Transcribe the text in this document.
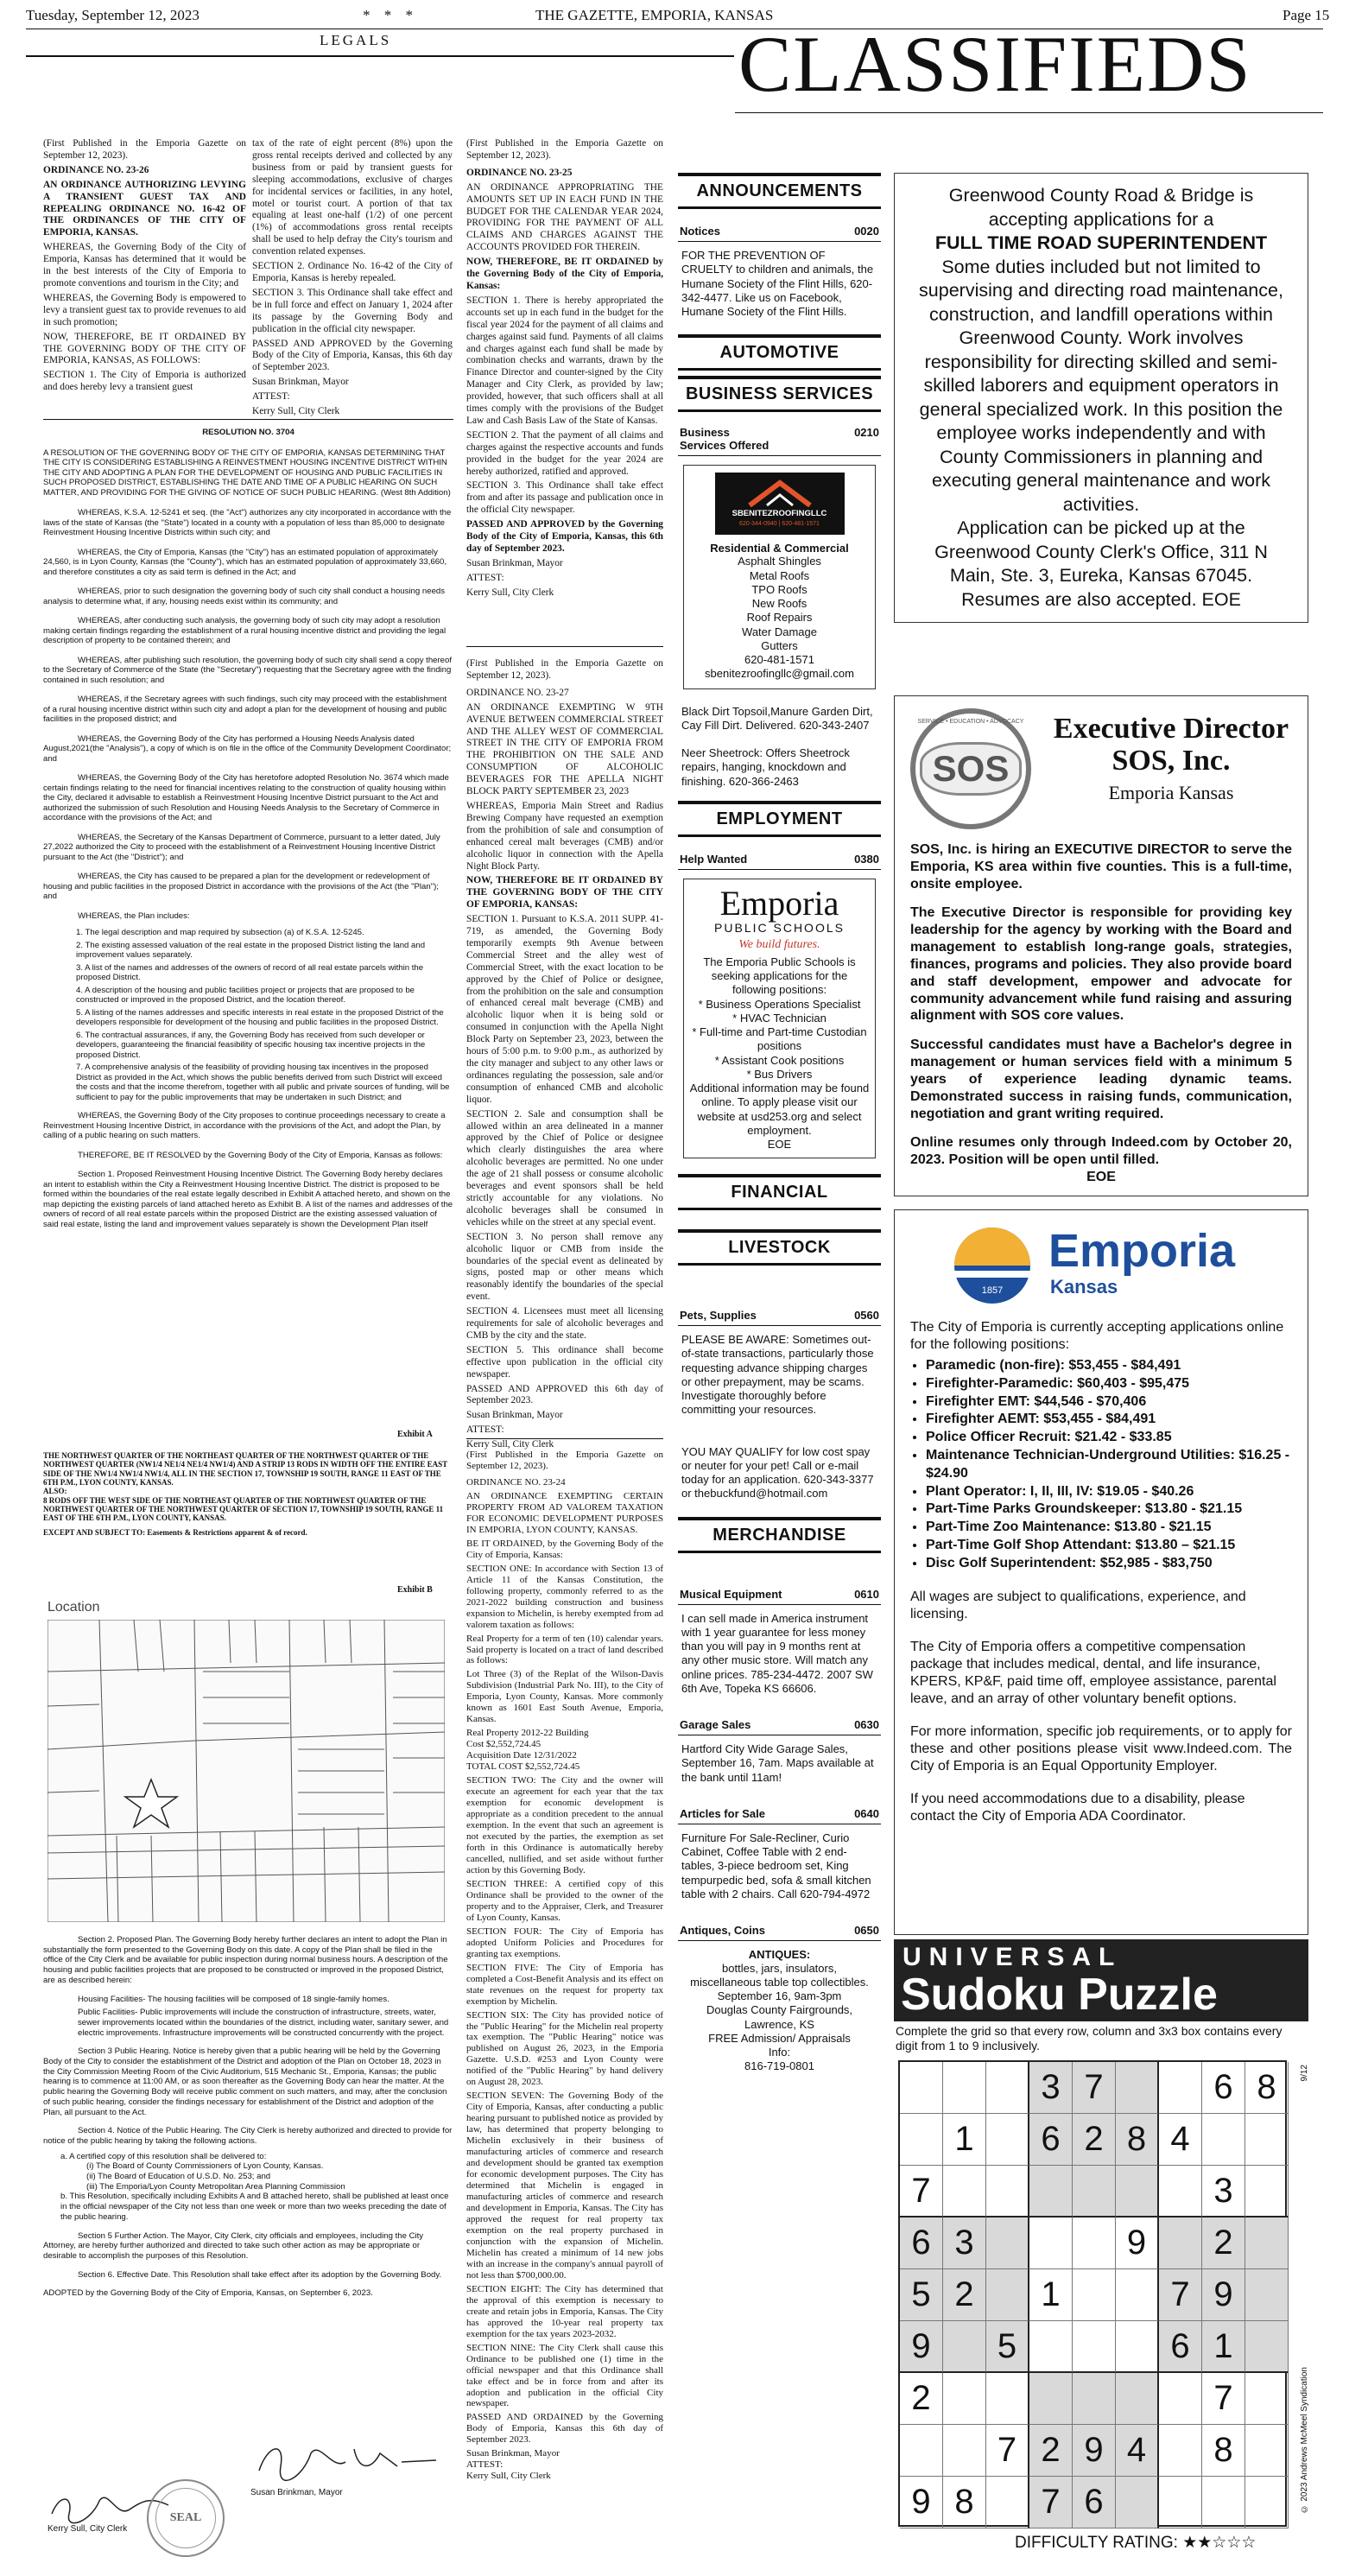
Tuesday, September 12, 2023	* * *	THE GAZETTE, EMPORIA, KANSAS	Page 15
LEGALS	CLASSIFIEDS

(First Published in the Emporia Gazette on September 12, 2023).

ORDINANCE NO. 23-26

AN ORDINANCE AUTHORIZING LEVYING A TRANSIENT GUEST TAX AND REPEALING ORDINANCE NO. 16-42 OF THE ORDINANCES OF THE CITY OF EMPORIA, KANSAS.

WHEREAS, the Governing Body of the City of Emporia, Kansas has determined that it would be in the best interests of the City of Emporia to promote conventions and tourism in the City; and

WHEREAS, the Governing Body is empowered to levy a transient guest tax to provide revenues to aid in such promotion;

NOW, THEREFORE, BE IT ORDAINED BY THE GOVERNING BODY OF THE CITY OF EMPORIA, KANSAS, AS FOLLOWS:

SECTION 1. The City of Emporia is authorized and does hereby levy a transient guest

tax of the rate of eight percent (8%) upon the gross rental receipts derived and collected by any business from or paid by transient guests for sleeping accommodations, exclusive of charges for incidental services or facilities, in any hotel, motel or tourist court. A portion of that tax equaling at least one-half (1/2) of one percent (1%) of accommodations gross rental receipts shall be used to help defray the City's tourism and convention related expenses.

SECTION 2. Ordinance No. 16-42 of the City of Emporia, Kansas is hereby repealed.

SECTION 3. This Ordinance shall take effect and be in full force and effect on January 1, 2024 after its passage by the Governing Body and publication in the official city newspaper.

PASSED AND APPROVED by the Governing Body of the City of Emporia, Kansas, this 6th day of September 2023.

Susan Brinkman, Mayor

ATTEST:

Kerry Sull, City Clerk

RESOLUTION NO. 3704
A RESOLUTION OF THE GOVERNING BODY OF THE CITY OF EMPORIA, KANSAS DETERMINING THAT THE CITY IS CONSIDERING ESTABLISHING A REINVESTMENT HOUSING INCENTIVE DISTRICT WITHIN THE CITY AND ADOPTING A PLAN FOR THE DEVELOPMENT OF HOUSING AND PUBLIC FACILITIES IN SUCH PROPOSED DISTRICT, ESTABLISHING THE DATE AND TIME OF A PUBLIC HEARING ON SUCH MATTER, AND PROVIDING FOR THE GIVING OF NOTICE OF SUCH PUBLIC HEARING. (West 8th Addition)
WHEREAS, K.S.A. 12-5241 et seq. (the "Act") authorizes any city incorporated in accordance with the laws of the state of Kansas (the "State") located in a county with a population of less than 85,000 to designate Reinvestment Housing Incentive Districts within such city; and
WHEREAS, the City of Emporia, Kansas (the "City") has an estimated population of approximately 24,560, is in Lyon County, Kansas (the "County"), which has an estimated population of approximately 33,660, and therefore constitutes a city as said term is defined in the Act; and
WHEREAS, prior to such designation the governing body of such city shall conduct a housing needs analysis to determine what, if any, housing needs exist within its community; and
WHEREAS, after conducting such analysis, the governing body of such city may adopt a resolution making certain findings regarding the establishment of a rural housing incentive district and providing the legal description of property to be contained therein; and
WHEREAS, after publishing such resolution, the governing body of such city shall send a copy thereof to the Secretary of Commerce of the State (the "Secretary") requesting that the Secretary agree with the finding contained in such resolution; and
WHEREAS, if the Secretary agrees with such findings, such city may proceed with the establishment of a rural housing incentive district within such city and adopt a plan for the development of housing and public facilities in the proposed district; and
WHEREAS, the Governing Body of the City has performed a Housing Needs Analysis dated August,2021(the "Analysis"), a copy of which is on file in the office of the Community Development Coordinator; and
WHEREAS, the Governing Body of the City has heretofore adopted Resolution No. 3674 which made certain findings relating to the need for financial incentives relating to the construction of quality housing within the City, declared it advisable to establish a Reinvestment Housing Incentive District pursuant to the Act and authorized the submission of such Resolution and Housing Needs Analysis to the Secretary of Commerce in accordance with the provisions of the Act; and
WHEREAS, the Secretary of the Kansas Department of Commerce, pursuant to a letter dated, July 27,2022 authorized the City to proceed with the establishment of a Reinvestment Housing Incentive District pursuant to the Act (the "District"); and
WHEREAS, the City has caused to be prepared a plan for the development or redevelopment of housing and public facilities in the proposed District in accordance with the provisions of the Act (the "Plan"); and
WHEREAS, the Plan includes:
1. The legal description and map required by subsection (a) of K.S.A. 12-5245.
2. The existing assessed valuation of the real estate in the proposed District listing the land and improvement values separately.
3. A list of the names and addresses of the owners of record of all real estate parcels within the proposed District.
4. A description of the housing and public facilities project or projects that are proposed to be constructed or improved in the proposed District, and the location thereof.
5. A listing of the names addresses and specific interests in real estate in the proposed District of the developers responsible for development of the housing and public facilities in the proposed District.
6. The contractual assurances, if any, the Governing Body has received from such developer or developers, guaranteeing the financial feasibility of specific housing tax incentive projects in the proposed District.
7. A comprehensive analysis of the feasibility of providing housing tax incentives in the proposed District as provided in the Act, which shows the public benefits derived from such District will exceed the costs and that the income therefrom, together with all public and private sources of funding, will be sufficient to pay for the public improvements that may be undertaken in such District; and
WHEREAS, the Governing Body of the City proposes to continue proceedings necessary to create a Reinvestment Housing Incentive District, in accordance with the provisions of the Act, and adopt the Plan, by calling of a public hearing on such matters.
THEREFORE, BE IT RESOLVED by the Governing Body of the City of Emporia, Kansas as follows:
Section 1. Proposed Reinvestment Housing Incentive District. The Governing Body hereby declares an intent to establish within the City a Reinvestment Housing Incentive District. The district is proposed to be formed within the boundaries of the real estate legally described in Exhibit A attached hereto, and shown on the map depicting the existing parcels of land attached hereto as Exhibit B. A list of the names and addresses of the owners of record of all real estate parcels within the proposed District are the existing assessed valuation of said real estate, listing the land and improvement values separately is shown the Development Plan itself
Exhibit A
THE NORTHWEST QUARTER OF THE NORTHEAST QUARTER OF THE NORTHWEST QUARTER OF THE NORTHWEST QUARTER (NW1/4 NE1/4 NE1/4 NW1/4) AND A STRIP 13 RODS IN WIDTH OFF THE ENTIRE EAST SIDE OF THE NW1/4 NW1/4 NW1/4, ALL IN THE SECTION 17, TOWNSHIP 19 SOUTH, RANGE 11 EAST OF THE 6TH P.M., LYON COUNTY, KANSAS.
ALSO:
8 RODS OFF THE WEST SIDE OF THE NORTHEAST QUARTER OF THE NORTHWEST QUARTER OF THE NORTHWEST QUARTER OF THE NORTHWEST QUARTER OF SECTION 17, TOWNSHIP 19 SOUTH, RANGE 11 EAST OF THE 6TH P.M., LYON COUNTY, KANSAS.
EXCEPT AND SUBJECT TO: Easements & Restrictions apparent & of record.
Exhibit B
Location
Section 2. Proposed Plan. The Governing Body hereby further declares an intent to adopt the Plan in substantially the form presented to the Governing Body on this date. A copy of the Plan shall be filed in the office of the City Clerk and be available for public inspection during normal business hours. A description of the housing and public facilities projects that are proposed to be constructed or improved in the proposed District, are as described herein:
Housing Facilities- The housing facilities will be composed of 18 single-family homes.
Public Facilities- Public improvements will include the construction of infrastructure, streets, water, sewer improvements located within the boundaries of the district, including water, sanitary sewer, and electric improvements. Infrastructure improvements will be constructed concurrently with the project.
Section 3 Public Hearing. Notice is hereby given that a public hearing will be held by the Governing Body of the City to consider the establishment of the District and adoption of the Plan on October 18, 2023 in the City Commission Meeting Room of the Civic Auditorium, 515 Mechanic St., Emporia, Kansas; the public hearing is to commence at 11:00 AM, or as soon thereafter as the Governing Body can hear the matter. At the public hearing the Governing Body will receive public comment on such matters, and may, after the conclusion of such public hearing, consider the findings necessary for establishment of the District and adoption of the Plan, all pursuant to the Act.
Section 4. Notice of the Public Hearing. The City Clerk is hereby authorized and directed to provide for notice of the public hearing by taking the following actions.
a. A certified copy of this resolution shall be delivered to:
(i) The Board of County Commissioners of Lyon County, Kansas.
(ii) The Board of Education of U.S.D. No. 253; and
(iii) The Emporia/Lyon County Metropolitan Area Planning Commission
b. This Resolution, specifically including Exhibits A and B attached hereto, shall be published at least once in the official newspaper of the City not less than one week or more than two weeks preceding the date of the public hearing.
Section 5 Further Action. The Mayor, City Clerk, city officials and employees, including the City Attorney, are hereby further authorized and directed to take such other action as may be appropriate or desirable to accomplish the purposes of this Resolution.
Section 6. Effective Date. This Resolution shall take effect after its adoption by the Governing Body.
ADOPTED by the Governing Body of the City of Emporia, Kansas, on September 6, 2023.
Susan Brinkman, Mayor
Kerry Sull, City Clerk
SEAL

(First Published in the Emporia Gazette on September 12, 2023).

ORDINANCE NO. 23-25

AN ORDINANCE APPROPRIATING THE AMOUNTS SET UP IN EACH FUND IN THE BUDGET FOR THE CALENDAR YEAR 2024, PROVIDING FOR THE PAYMENT OF ALL CLAIMS AND CHARGES AGAINST THE ACCOUNTS PROVIDED FOR THEREIN.

NOW, THEREFORE, BE IT ORDAINED by the Governing Body of the City of Emporia, Kansas:

SECTION 1. There is hereby appropriated the accounts set up in each fund in the budget for the fiscal year 2024 for the payment of all claims and charges against said fund. Payments of all claims and charges against each fund shall be made by combination checks and warrants, drawn by the Finance Director and counter-signed by the City Manager and City Clerk, as provided by law; provided, however, that such officers shall at all times comply with the provisions of the Budget Law and Cash Basis Law of the State of Kansas.

SECTION 2. That the payment of all claims and charges against the respective accounts and funds provided in the budget for the year 2024 are hereby authorized, ratified and approved.

SECTION 3. This Ordinance shall take effect from and after its passage and publication once in the official City newspaper.

PASSED AND APPROVED by the Governing Body of the City of Emporia, Kansas, this 6th day of September 2023.

Susan Brinkman, Mayor

ATTEST:

Kerry Sull, City Clerk

(First Published in the Emporia Gazette on September 12, 2023).

ORDINANCE NO. 23-27

AN ORDINANCE EXEMPTING W 9TH AVENUE BETWEEN COMMERCIAL STREET AND THE ALLEY WEST OF COMMERCIAL STREET IN THE CITY OF EMPORIA FROM THE PROHIBITION ON THE SALE AND CONSUMPTION OF ALCOHOLIC BEVERAGES FOR THE APELLA NIGHT BLOCK PARTY SEPTEMBER 23, 2023

WHEREAS, Emporia Main Street and Radius Brewing Company have requested an exemption from the prohibition of sale and consumption of enhanced cereal malt beverages (CMB) and/or alcoholic liquor in connection with the Apella Night Block Party.

NOW, THEREFORE BE IT ORDAINED BY THE GOVERNING BODY OF THE CITY OF EMPORIA, KANSAS:

SECTION 1. Pursuant to K.S.A. 2011 SUPP. 41-719, as amended, the Governing Body temporarily exempts 9th Avenue between Commercial Street and the alley west of Commercial Street, with the exact location to be approved by the Chief of Police or designee, from the prohibition on the sale and consumption of enhanced cereal malt beverage (CMB) and alcoholic liquor when it is being sold or consumed in conjunction with the Apella Night Block Party on September 23, 2023, between the hours of 5:00 p.m. to 9:00 p.m., as authorized by the city manager and subject to any other laws or ordinances regulating the possession, sale and/or consumption of enhanced CMB and alcoholic liquor.

SECTION 2. Sale and consumption shall be allowed within an area delineated in a manner approved by the Chief of Police or designee which clearly distinguishes the area where alcoholic beverages are permitted. No one under the age of 21 shall possess or consume alcoholic beverages and event sponsors shall be held strictly accountable for any violations. No alcoholic beverages shall be consumed in vehicles while on the street at any special event.

SECTION 3. No person shall remove any alcoholic liquor or CMB from inside the boundaries of the special event as delineated by signs, posted map or other means which reasonably identify the boundaries of the special event.

SECTION 4. Licensees must meet all licensing requirements for sale of alcoholic beverages and CMB by the city and the state.

SECTION 5. This ordinance shall become effective upon publication in the official city newspaper.

PASSED AND APPROVED this 6th day of September 2023.

Susan Brinkman, Mayor

ATTEST:

Kerry Sull, City Clerk

(First Published in the Emporia Gazette on September 12, 2023).

ORDINANCE NO. 23-24

AN ORDINANCE EXEMPTING CERTAIN PROPERTY FROM AD VALOREM TAXATION FOR ECONOMIC DEVELOPMENT PURPOSES IN EMPORIA, LYON COUNTY, KANSAS.

BE IT ORDAINED, by the Governing Body of the City of Emporia, Kansas:

SECTION ONE: In accordance with Section 13 of Article 11 of the Kansas Constitution, the following property, commonly referred to as the 2021-2022 building construction and business expansion to Michelin, is hereby exempted from ad valorem taxation as follows:

Real Property for a term of ten (10) calendar years. Said property is located on a tract of land described as follows:

Lot Three (3) of the Replat of the Wilson-Davis Subdivision (Industrial Park No. III), to the City of Emporia, Lyon County, Kansas. More commonly known as 1601 East South Avenue, Emporia, Kansas.

Real Property 2012-22 Building

Cost $2,552,724.45

Acquisition Date 12/31/2022

TOTAL COST $2,552,724.45

SECTION TWO: The City and the owner will execute an agreement for each year that the tax exemption for economic development is appropriate as a condition precedent to the annual exemption. In the event that such an agreement is not executed by the parties, the exemption as set forth in this Ordinance is automatically hereby cancelled, nullified, and set aside without further action by this Governing Body.

SECTION THREE: A certified copy of this Ordinance shall be provided to the owner of the property and to the Appraiser, Clerk, and Treasurer of Lyon County, Kansas.

SECTION FOUR: The City of Emporia has adopted Uniform Policies and Procedures for granting tax exemptions.

SECTION FIVE: The City of Emporia has completed a Cost-Benefit Analysis and its effect on state revenues on the request for property tax exemption by Michelin.

SECTION SIX: The City has provided notice of the "Public Hearing" for the Michelin real property tax exemption. The "Public Hearing" notice was published on August 26, 2023, in the Emporia Gazette. U.S.D. #253 and Lyon County were notified of the "Public Hearing" by hand delivery on August 28, 2023.

SECTION SEVEN: The Governing Body of the City of Emporia, Kansas, after conducting a public hearing pursuant to published notice as provided by law, has determined that property belonging to Michelin exclusively in their business of manufacturing articles of commerce and research and development should be granted tax exemption for economic development purposes. The City has determined that Michelin is engaged in manufacturing articles of commerce and research and development in Emporia, Kansas. The City has approved the request for real property tax exemption on the real property purchased in conjunction with the expansion of Michelin. Michelin has created a minimum of 14 new jobs with an increase in the company's annual payroll of not less than $700,000.00.

SECTION EIGHT: The City has determined that the approval of this exemption is necessary to create and retain jobs in Emporia, Kansas. The City has approved the 10-year real property tax exemption for the tax years 2023-2032.

SECTION NINE: The City Clerk shall cause this Ordinance to be published one (1) time in the official newspaper and that this Ordinance shall take effect and be in force from and after its adoption and publication in the official City newspaper.

PASSED AND ORDAINED by the Governing Body of Emporia, Kansas this 6th day of September 2023.

Susan Brinkman, Mayor

ATTEST:

Kerry Sull, City Clerk

ANNOUNCEMENTS
Notices	0020
FOR THE PREVENTION OF CRUELTY to children and animals, the Humane Society of the Flint Hills, 620-342-4477. Like us on Facebook, Humane Society of the Flint Hills.
AUTOMOTIVE
BUSINESS SERVICES
Business Services Offered
0210
SBENITEZROOFINGLLC
620-344-0940 | 620-481-1571
Residential & Commercial
Asphalt Shingles
Metal Roofs
TPO Roofs
New Roofs
Roof Repairs
Water Damage
Gutters
620-481-1571
sbenitezroofingllc@gmail.com
Black Dirt Topsoil,Manure Garden Dirt, Cay Fill Dirt. Delivered. 620-343-2407
Neer Sheetrock: Offers Sheetrock repairs, hanging, knockdown and finishing. 620-366-2463
EMPLOYMENT
Help Wanted	0380
Emporia
PUBLIC SCHOOLS
We build futures.
The Emporia Public Schools is seeking applications for the following positions:
* Business Operations Specialist
* HVAC Technician
* Full-time and Part-time Custodian positions
* Assistant Cook positions
* Bus Drivers
Additional information may be found online. To apply please visit our website at usd253.org and select employment.
EOE
FINANCIAL
LIVESTOCK
Pets, Supplies	0560
PLEASE BE AWARE: Sometimes out-of-state transactions, particularly those requesting advance shipping charges or other prepayment, may be scams. Investigate thoroughly before committing your resources.
YOU MAY QUALIFY for low cost spay or neuter for your pet! Call or e-mail today for an application. 620-343-3377 or thebuckfund@hotmail.com
MERCHANDISE
Musical Equipment	0610
I can sell made in America instrument with 1 year guarantee for less money than you will pay in 9 months rent at any other music store. Will match any online prices. 785-234-4472. 2007 SW 6th Ave, Topeka KS 66606.
Garage Sales	0630
Hartford City Wide Garage Sales, September 16, 7am. Maps available at the bank until 11am!
Articles for Sale	0640
Furniture For Sale-Recliner, Curio Cabinet, Coffee Table with 2 end-tables, 3-piece bedroom set, King tempurpedic bed, sofa & small kitchen table with 2 chairs. Call 620-794-4972
Antiques, Coins	0650
ANTIQUES:
bottles, jars, insulators,
miscellaneous table top collectibles.
September 16, 9am-3pm
Douglas County Fairgrounds,
Lawrence, KS
FREE Admission/ Appraisals
Info:
816-719-0801
Greenwood County Road & Bridge is accepting applications for a
FULL TIME ROAD SUPERINTENDENT
Some duties included but not limited to supervising and directing road maintenance, construction, and landfill operations within Greenwood County. Work involves responsibility for directing skilled and semi-skilled laborers and equipment operators in general specialized work. In this position the employee works independently and with County Commissioners in planning and executing general maintenance and work activities.
Application can be picked up at the Greenwood County Clerk's Office, 311 N Main, Ste. 3, Eureka, Kansas 67045. Resumes are also accepted. EOE
SERVICE • EDUCATION • ADVOCACY
SOS
Executive Director
SOS, Inc.
Emporia Kansas

SOS, Inc. is hiring an EXECUTIVE DIRECTOR to serve the Emporia, KS area within five counties. This is a full-time, onsite employee.

The Executive Director is responsible for providing key leadership for the agency by working with the Board and management to establish long-range goals, strategies, finances, programs and policies. They also provide board and staff development, empower and advocate for community advancement while fund raising and assuring alignment with SOS core values.

Successful candidates must have a Bachelor's degree in management or human services field with a minimum 5 years of experience leading dynamic teams. Demonstrated success in raising funds, communication, negotiation and grant writing required.

Online resumes only through Indeed.com by October 20, 2023. Position will be open until filled.

EOE

1857
Emporia
Kansas
The City of Emporia is currently accepting applications online for the following positions:
• Paramedic (non-fire): $53,455 - $84,491
• Firefighter-Paramedic: $60,403 - $95,475
• Firefighter EMT: $44,546 - $70,406
• Firefighter AEMT: $53,455 - $84,491
• Police Officer Recruit: $21.42 - $33.85
• Maintenance Technician-Underground Utilities: $16.25 - $24.90
• Plant Operator: I, II, III, IV: $19.05 - $40.26
• Part-Time Parks Groundskeeper: $13.80 - $21.15
• Part-Time Zoo Maintenance: $13.80 - $21.15
• Part-Time Golf Shop Attendant: $13.80 – $21.15
• Disc Golf Superintendent: $52,985 - $83,750

All wages are subject to qualifications, experience, and licensing.

The City of Emporia offers a competitive compensation package that includes medical, dental, and life insurance, KPERS, KP&F, paid time off, employee assistance, parental leave, and an array of other voluntary benefit options.

For more information, specific job requirements, or to apply for these and other positions please visit www.Indeed.com. The City of Emporia is an Equal Opportunity Employer.

If you need accommodations due to a disability, please contact the City of Emporia ADA Coordinator.

UNIVERSAL
Sudoku Puzzle
Complete the grid so that every row, column and 3x3 box contains every digit from 1 to 9 inclusively.
3 7	6 8
1	6 2 8 4
7	3
6 3	9	2
5 2	1	7 9
9	5	6 1
2	7
7 2 9 4	8
9 8	7 6
9/12
© 2023 Andrews McMeel Syndication
DIFFICULTY RATING: ★★☆☆☆
